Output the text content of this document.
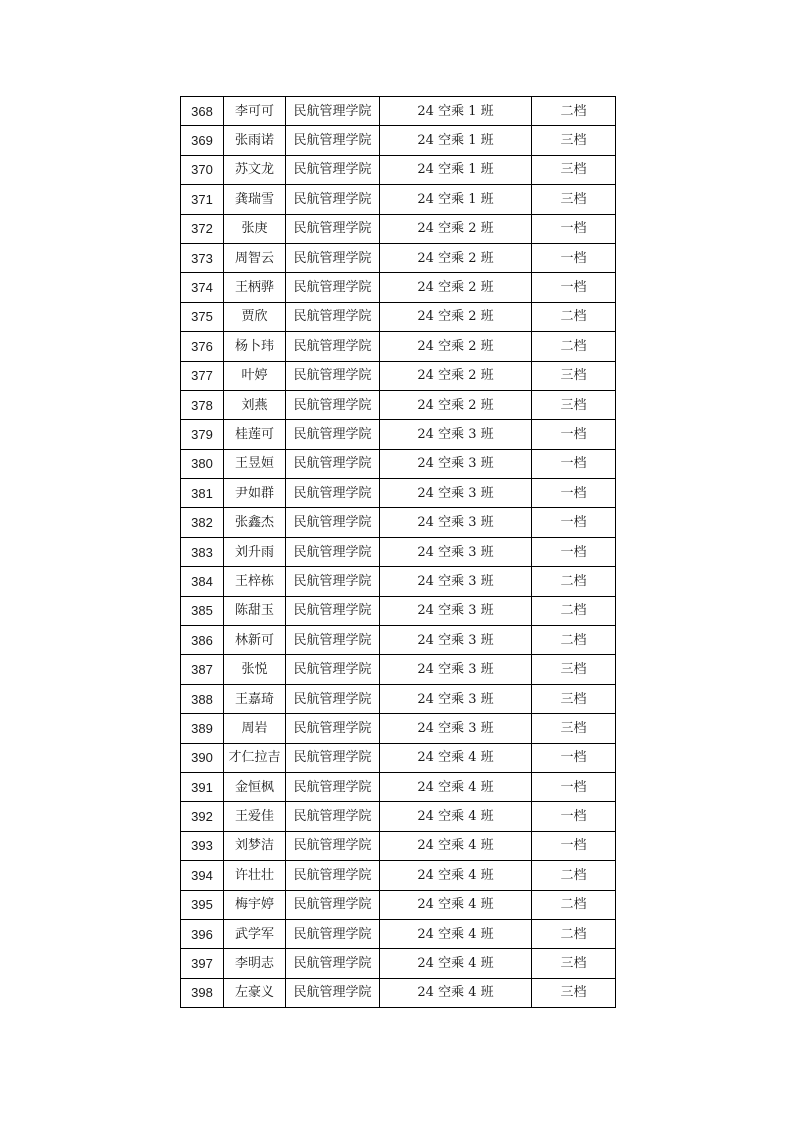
368	李可可	民航管理学院	24 空乘 1 班	二档
369	张雨诺	民航管理学院	24 空乘 1 班	三档
370	苏文龙	民航管理学院	24 空乘 1 班	三档
371	龚瑞雪	民航管理学院	24 空乘 1 班	三档
372	张庚	民航管理学院	24 空乘 2 班	一档
373	周智云	民航管理学院	24 空乘 2 班	一档
374	王柄骅	民航管理学院	24 空乘 2 班	一档
375	贾欣	民航管理学院	24 空乘 2 班	二档
376	杨卜玮	民航管理学院	24 空乘 2 班	二档
377	叶婷	民航管理学院	24 空乘 2 班	三档
378	刘燕	民航管理学院	24 空乘 2 班	三档
379	桂莲可	民航管理学院	24 空乘 3 班	一档
380	王昱姮	民航管理学院	24 空乘 3 班	一档
381	尹如群	民航管理学院	24 空乘 3 班	一档
382	张鑫杰	民航管理学院	24 空乘 3 班	一档
383	刘升雨	民航管理学院	24 空乘 3 班	一档
384	王梓栋	民航管理学院	24 空乘 3 班	二档
385	陈甜玉	民航管理学院	24 空乘 3 班	二档
386	林新可	民航管理学院	24 空乘 3 班	二档
387	张悦	民航管理学院	24 空乘 3 班	三档
388	王嘉琦	民航管理学院	24 空乘 3 班	三档
389	周岩	民航管理学院	24 空乘 3 班	三档
390	才仁拉吉	民航管理学院	24 空乘 4 班	一档
391	金恒枫	民航管理学院	24 空乘 4 班	一档
392	王爱佳	民航管理学院	24 空乘 4 班	一档
393	刘梦洁	民航管理学院	24 空乘 4 班	一档
394	许壮壮	民航管理学院	24 空乘 4 班	二档
395	梅宇婷	民航管理学院	24 空乘 4 班	二档
396	武学军	民航管理学院	24 空乘 4 班	二档
397	李明志	民航管理学院	24 空乘 4 班	三档
398	左豪义	民航管理学院	24 空乘 4 班	三档
